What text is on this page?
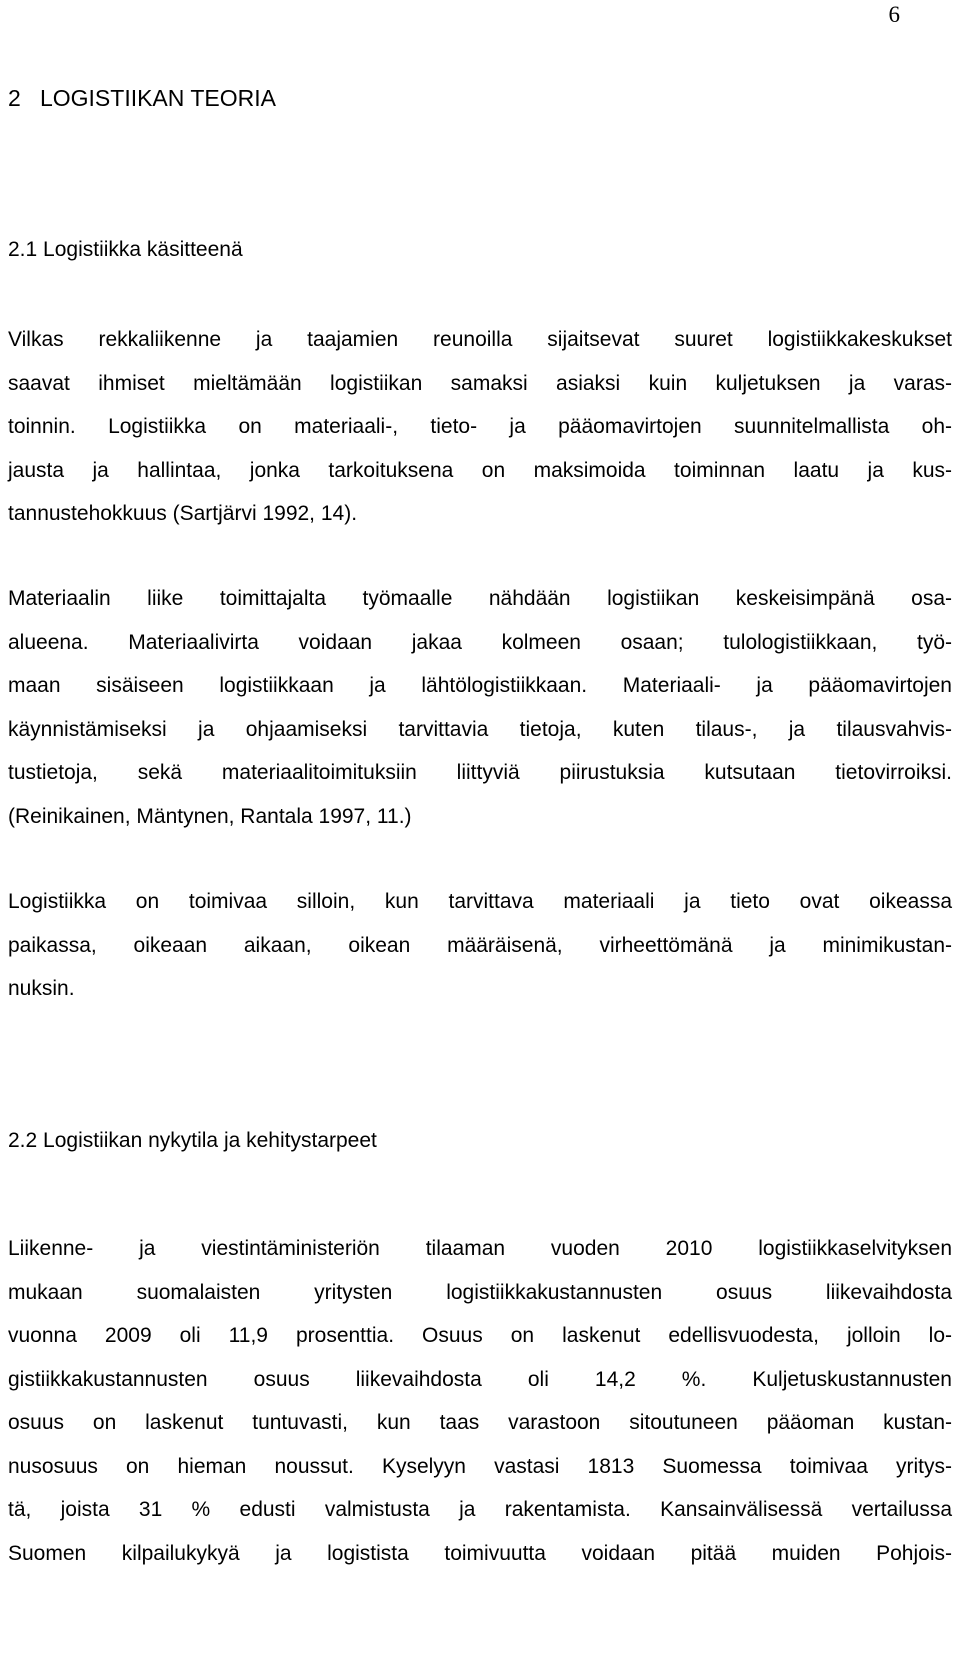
6
2   LOGISTIIKAN TEORIA
2.1 Logistiikka käsitteenä
Vilkas rekkaliikenne ja taajamien reunoilla sijaitsevat suuret logistiikkakeskukset
saavat ihmiset mieltämään logistiikan samaksi asiaksi kuin kuljetuksen ja varas-
toinnin. Logistiikka on materiaali-, tieto- ja pääomavirtojen suunnitelmallista oh-
jausta ja hallintaa, jonka tarkoituksena on maksimoida toiminnan laatu ja kus-
tannustehokkuus (Sartjärvi 1992, 14).
Materiaalin liike toimittajalta työmaalle nähdään logistiikan keskeisimpänä osa-
alueena. Materiaalivirta voidaan jakaa kolmeen osaan; tulologistiikkaan, työ-
maan sisäiseen logistiikkaan ja lähtölogistiikkaan. Materiaali- ja pääomavirtojen
käynnistämiseksi ja ohjaamiseksi tarvittavia tietoja, kuten tilaus-, ja tilausvahvis-
tustietoja, sekä materiaalitoimituksiin liittyviä piirustuksia kutsutaan tietovirroiksi.
(Reinikainen, Mäntynen, Rantala 1997, 11.)
Logistiikka on toimivaa silloin, kun tarvittava materiaali ja tieto ovat oikeassa
paikassa, oikeaan aikaan, oikean määräisenä, virheettömänä ja minimikustan-
nuksin.
2.2 Logistiikan nykytila ja kehitystarpeet
Liikenne- ja viestintäministeriön tilaaman vuoden 2010 logistiikkaselvityksen
mukaan suomalaisten yritysten logistiikkakustannusten osuus liikevaihdosta
vuonna 2009 oli 11,9 prosenttia. Osuus on laskenut edellisvuodesta, jolloin lo-
gistiikkakustannusten osuus liikevaihdosta oli 14,2 %. Kuljetuskustannusten
osuus on laskenut tuntuvasti, kun taas varastoon sitoutuneen pääoman kustan-
nusosuus on hieman noussut. Kyselyyn vastasi 1813 Suomessa toimivaa yritys-
tä, joista 31 % edusti valmistusta ja rakentamista. Kansainvälisessä vertailussa
Suomen kilpailukykyä ja logistista toimivuutta voidaan pitää muiden Pohjois-
